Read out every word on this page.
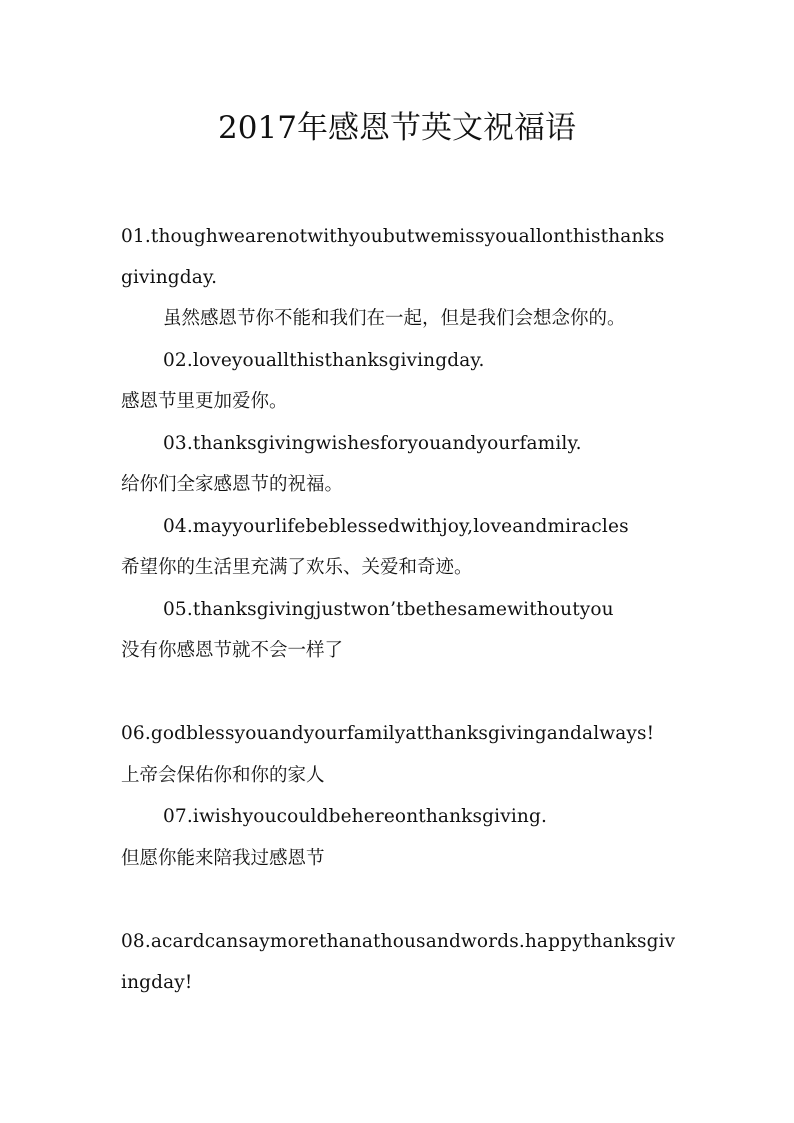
2017年感恩节英文祝福语
01.thoughwearenotwithyoubutwemissyouallonthisthanks
givingday.
虽然感恩节你不能和我们在一起，但是我们会想念你的。
02.loveyouallthisthanksgivingday.
感恩节里更加爱你。
03.thanksgivingwishesforyouandyourfamily.
给你们全家感恩节的祝福。
04.mayyourlifebeblessedwithjoy,loveandmiracles
希望你的生活里充满了欢乐、关爱和奇迹。
05.thanksgivingjustwon’tbethesamewithoutyou
没有你感恩节就不会一样了
06.godblessyouandyourfamilyatthanksgivingandalways!
上帝会保佑你和你的家人
07.iwishyoucouldbehereonthanksgiving.
但愿你能来陪我过感恩节
08.acardcansaymorethanathousandwords.happythanksgiv
ingday!
